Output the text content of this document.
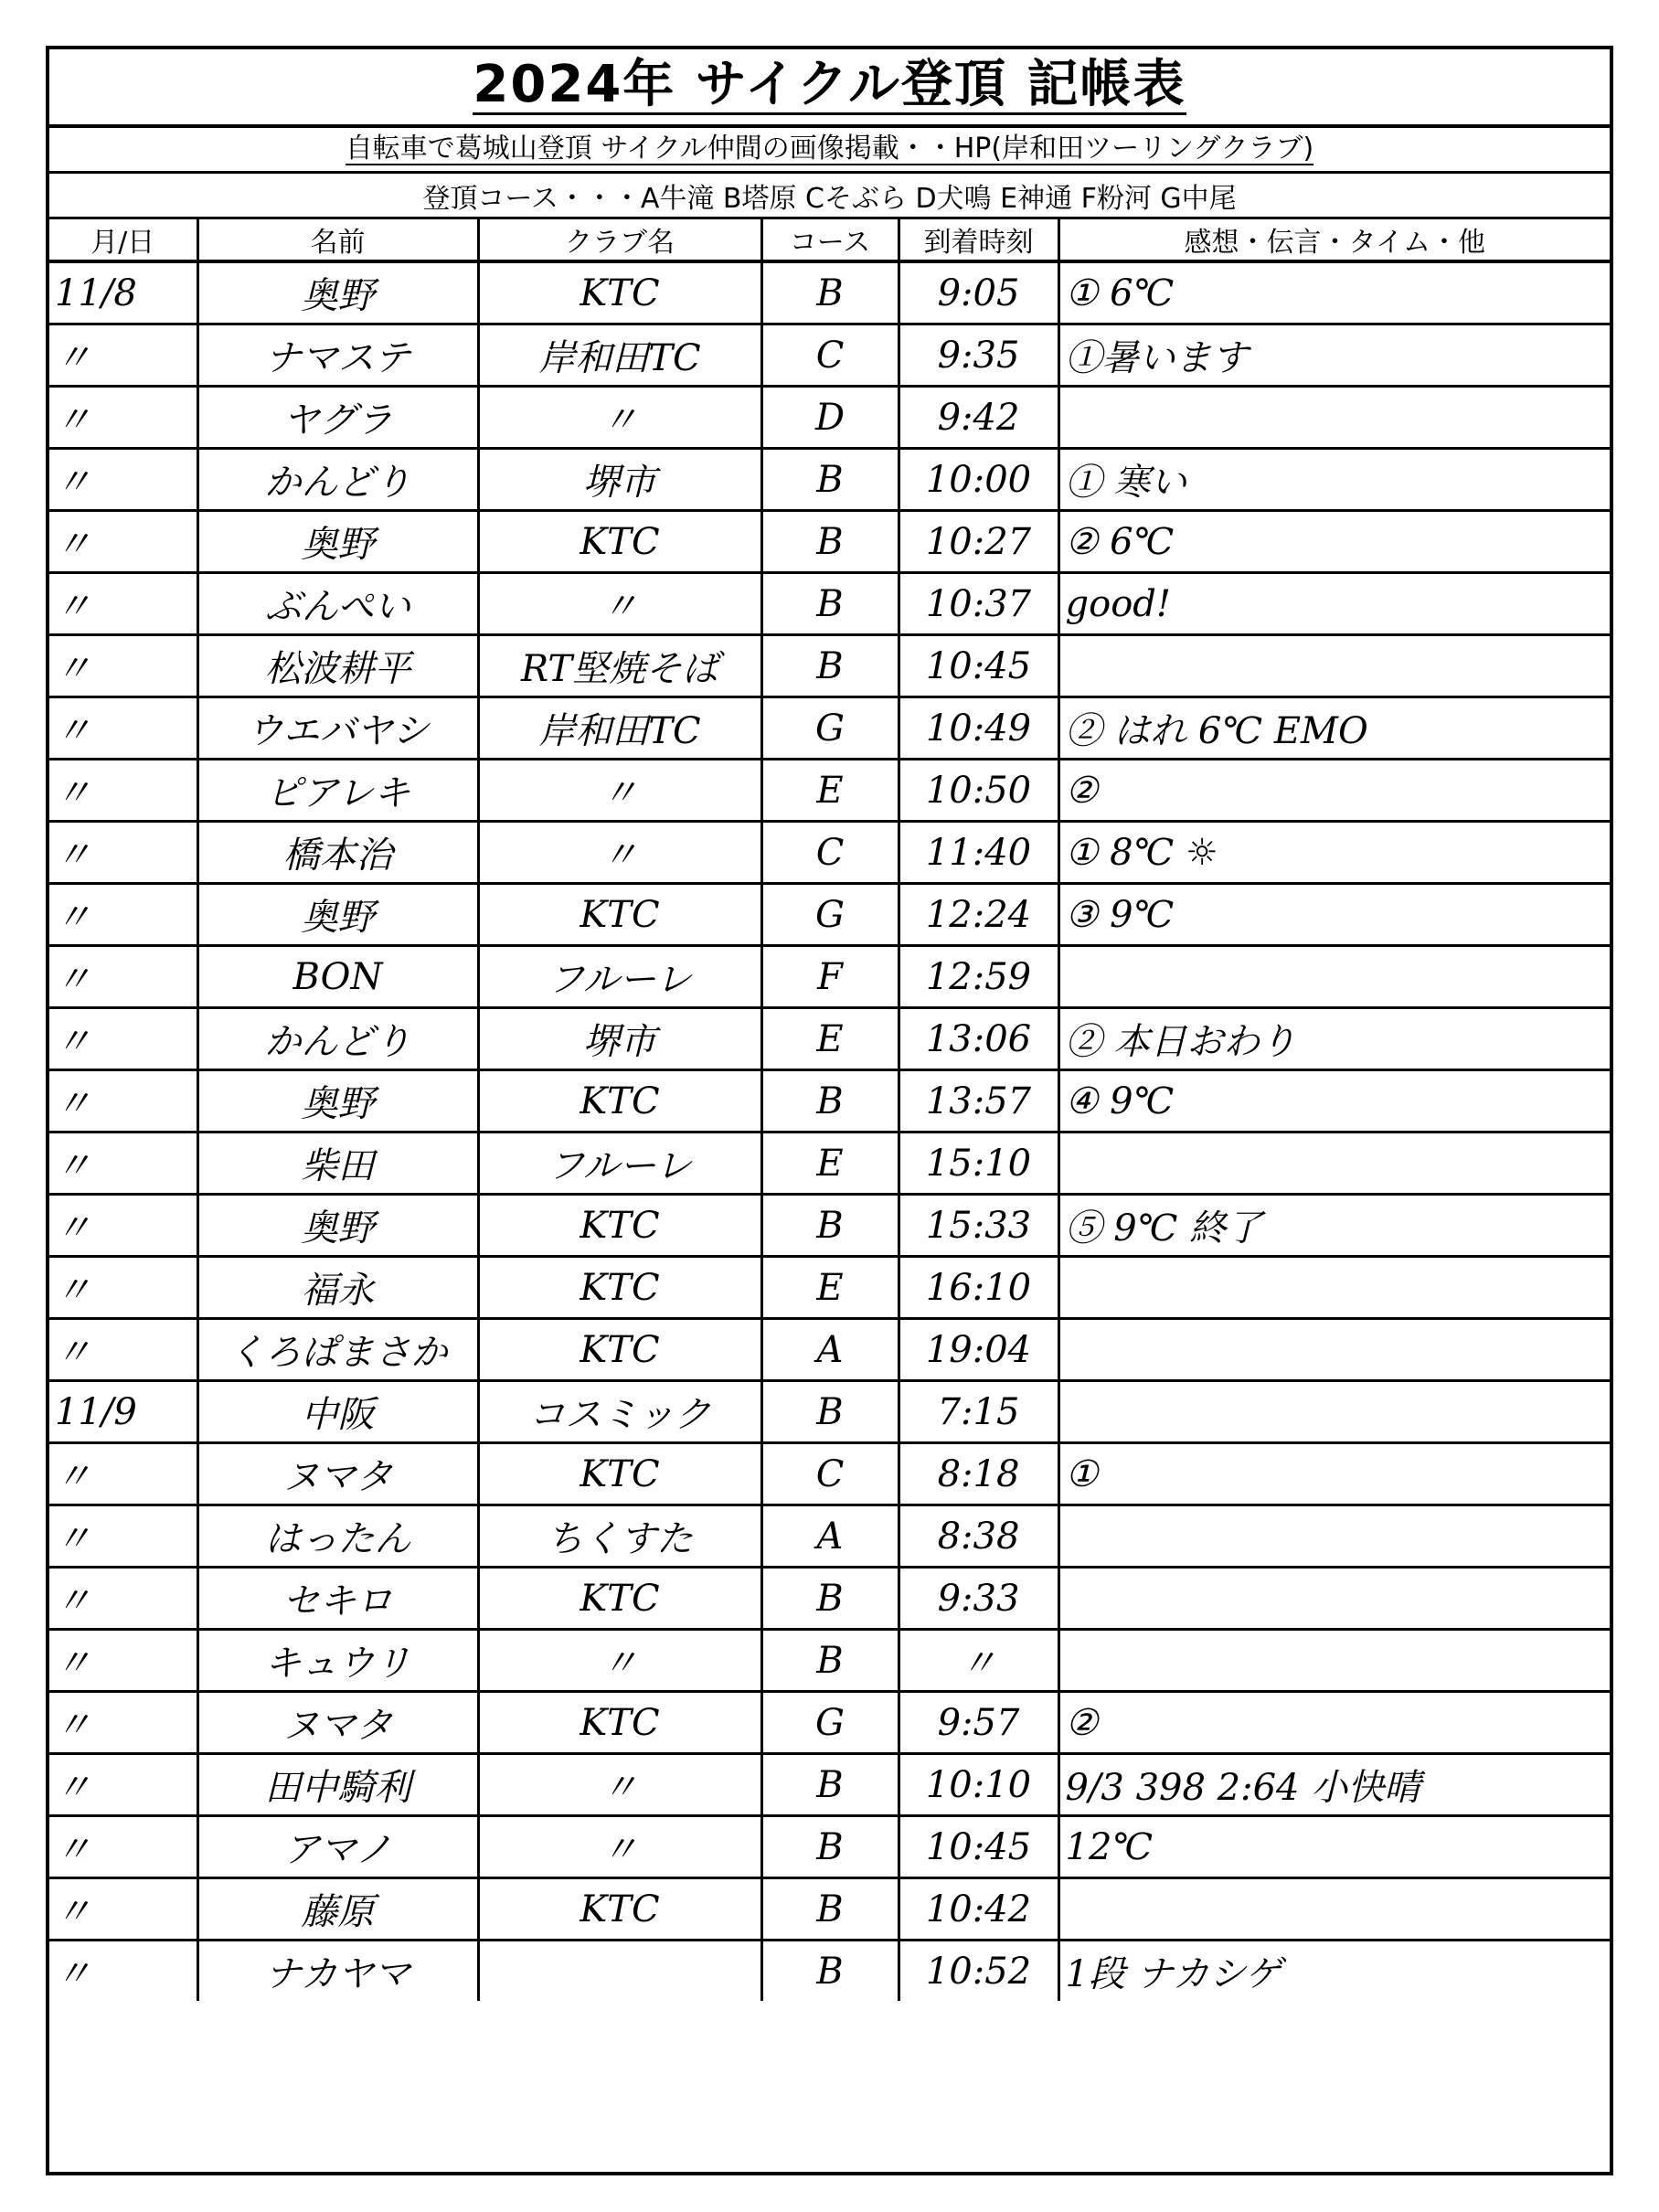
2024年 サイクル登頂 記帳表
自転車で葛城山登頂 サイクル仲間の画像掲載・・HP(岸和田ツーリングクラブ)
登頂コース・・・A牛滝 B塔原 Cそぶら D犬鳴 E神通 F粉河 G中尾
月/日	名前	クラブ名	コース	到着時刻	感想・伝言・タイム・他
11/8	奥野	KTC	B	9:05	① 6℃
〃	ナマステ	岸和田TC	C	9:35	①暑います
〃	ヤグラ	〃	D	9:42	
〃	かんどり	堺市	B	10:00	① 寒い
〃	奥野	KTC	B	10:27	② 6℃
〃	ぶんぺい	〃	B	10:37	good!
〃	松波耕平	RT堅焼そば	B	10:45	
〃	ウエバヤシ	岸和田TC	G	10:49	② はれ 6℃ EMO
〃	ピアレキ	〃	E	10:50	②
〃	橋本治	〃	C	11:40	① 8℃ ☼
〃	奥野	KTC	G	12:24	③ 9℃
〃	BON	フルーレ	F	12:59	
〃	かんどり	堺市	E	13:06	② 本日おわり
〃	奥野	KTC	B	13:57	④ 9℃
〃	柴田	フルーレ	E	15:10	
〃	奥野	KTC	B	15:33	⑤ 9℃ 終了
〃	福永	KTC	E	16:10	
〃	くろぱまさか	KTC	A	19:04	
11/9	中阪	コスミック	B	7:15	
〃	ヌマタ	KTC	C	8:18	①
〃	はったん	ちくすた	A	8:38	
〃	セキロ	KTC	B	9:33	
〃	キュウリ	〃	B	〃	
〃	ヌマタ	KTC	G	9:57	②
〃	田中騎利	〃	B	10:10	9/3 398 2:64 小快晴
〃	アマノ	〃	B	10:45	12℃
〃	藤原	KTC	B	10:42	
〃	ナカヤマ		B	10:52	1段 ナカシゲ
